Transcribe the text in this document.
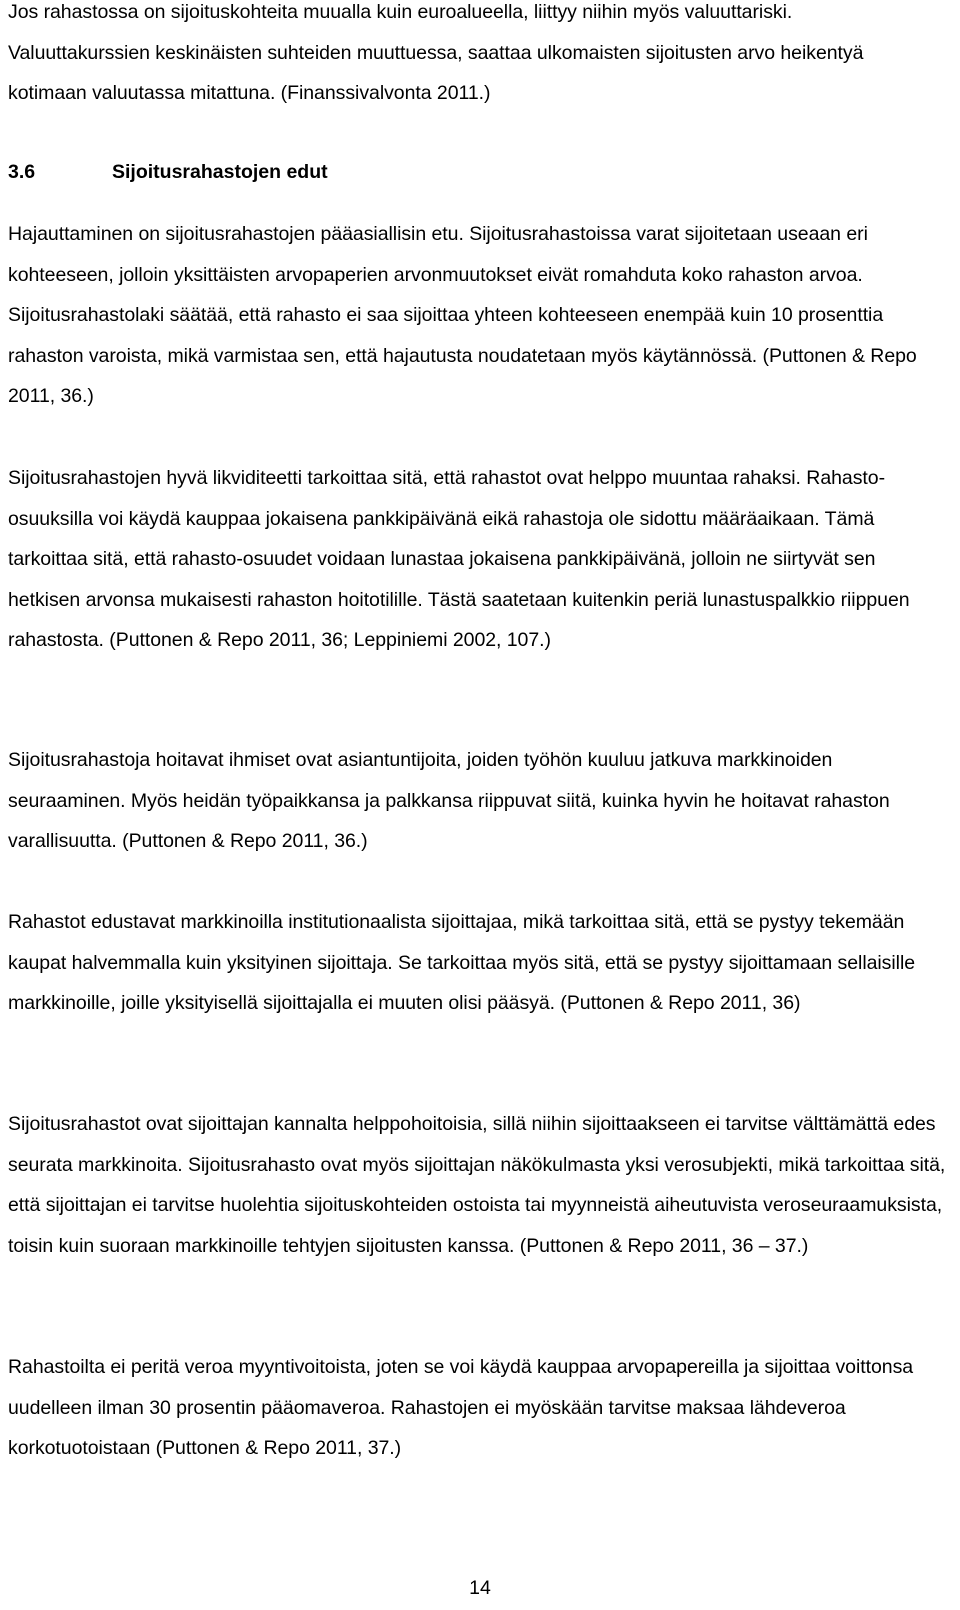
Jos rahastossa on sijoituskohteita muualla kuin euroalueella, liittyy niihin myös valuuttariski. Valuuttakurssien keskinäisten suhteiden muuttuessa, saattaa ulkomaisten sijoitusten arvo heikentyä kotimaan valuutassa mitattuna. (Finanssivalvonta 2011.)

3.6	Sijoitusrahastojen edut

Hajauttaminen on sijoitusrahastojen pääasiallisin etu. Sijoitusrahastoissa varat sijoitetaan useaan eri kohteeseen, jolloin yksittäisten arvopaperien arvonmuutokset eivät romahduta koko rahaston arvoa. Sijoitusrahastolaki säätää, että rahasto ei saa sijoittaa yhteen kohteeseen enempää kuin 10 prosenttia rahaston varoista, mikä varmistaa sen, että hajautusta noudatetaan myös käytännössä. (Puttonen & Repo 2011, 36.)

Sijoitusrahastojen hyvä likviditeetti tarkoittaa sitä, että rahastot ovat helppo muuntaa rahaksi. Rahasto-osuuksilla voi käydä kauppaa jokaisena pankkipäivänä eikä rahastoja ole sidottu määräaikaan. Tämä tarkoittaa sitä, että rahasto-osuudet voidaan lunastaa jokaisena pankkipäivänä, jolloin ne siirtyvät sen hetkisen arvonsa mukaisesti rahaston hoitotilille. Tästä saatetaan kuitenkin periä lunastuspalkkio riippuen rahastosta. (Puttonen & Repo 2011, 36; Leppiniemi 2002, 107.)

Sijoitusrahastoja hoitavat ihmiset ovat asiantuntijoita, joiden työhön kuuluu jatkuva markkinoiden seuraaminen. Myös heidän työpaikkansa ja palkkansa riippuvat siitä, kuinka hyvin he hoitavat rahaston varallisuutta. (Puttonen & Repo 2011, 36.)

Rahastot edustavat markkinoilla institutionaalista sijoittajaa, mikä tarkoittaa sitä, että se pystyy tekemään kaupat halvemmalla kuin yksityinen sijoittaja. Se tarkoittaa myös sitä, että se pystyy sijoittamaan sellaisille markkinoille, joille yksityisellä sijoittajalla ei muuten olisi pääsyä. (Puttonen & Repo 2011, 36)

Sijoitusrahastot ovat sijoittajan kannalta helppohoitoisia, sillä niihin sijoittaakseen ei tarvitse välttämättä edes seurata markkinoita. Sijoitusrahasto ovat myös sijoittajan näkökulmasta yksi verosubjekti, mikä tarkoittaa sitä, että sijoittajan ei tarvitse huolehtia sijoituskohteiden ostoista tai myynneistä aiheutuvista veroseuraamuksista, toisin kuin suoraan markkinoille tehtyjen sijoitusten kanssa. (Puttonen & Repo 2011, 36 – 37.)

Rahastoilta ei peritä veroa myyntivoitoista, joten se voi käydä kauppaa arvopapereilla ja sijoittaa voittonsa uudelleen ilman 30 prosentin pääomaveroa. Rahastojen ei myöskään tarvitse maksaa lähdeveroa korkotuotoistaan (Puttonen & Repo 2011, 37.)

14
